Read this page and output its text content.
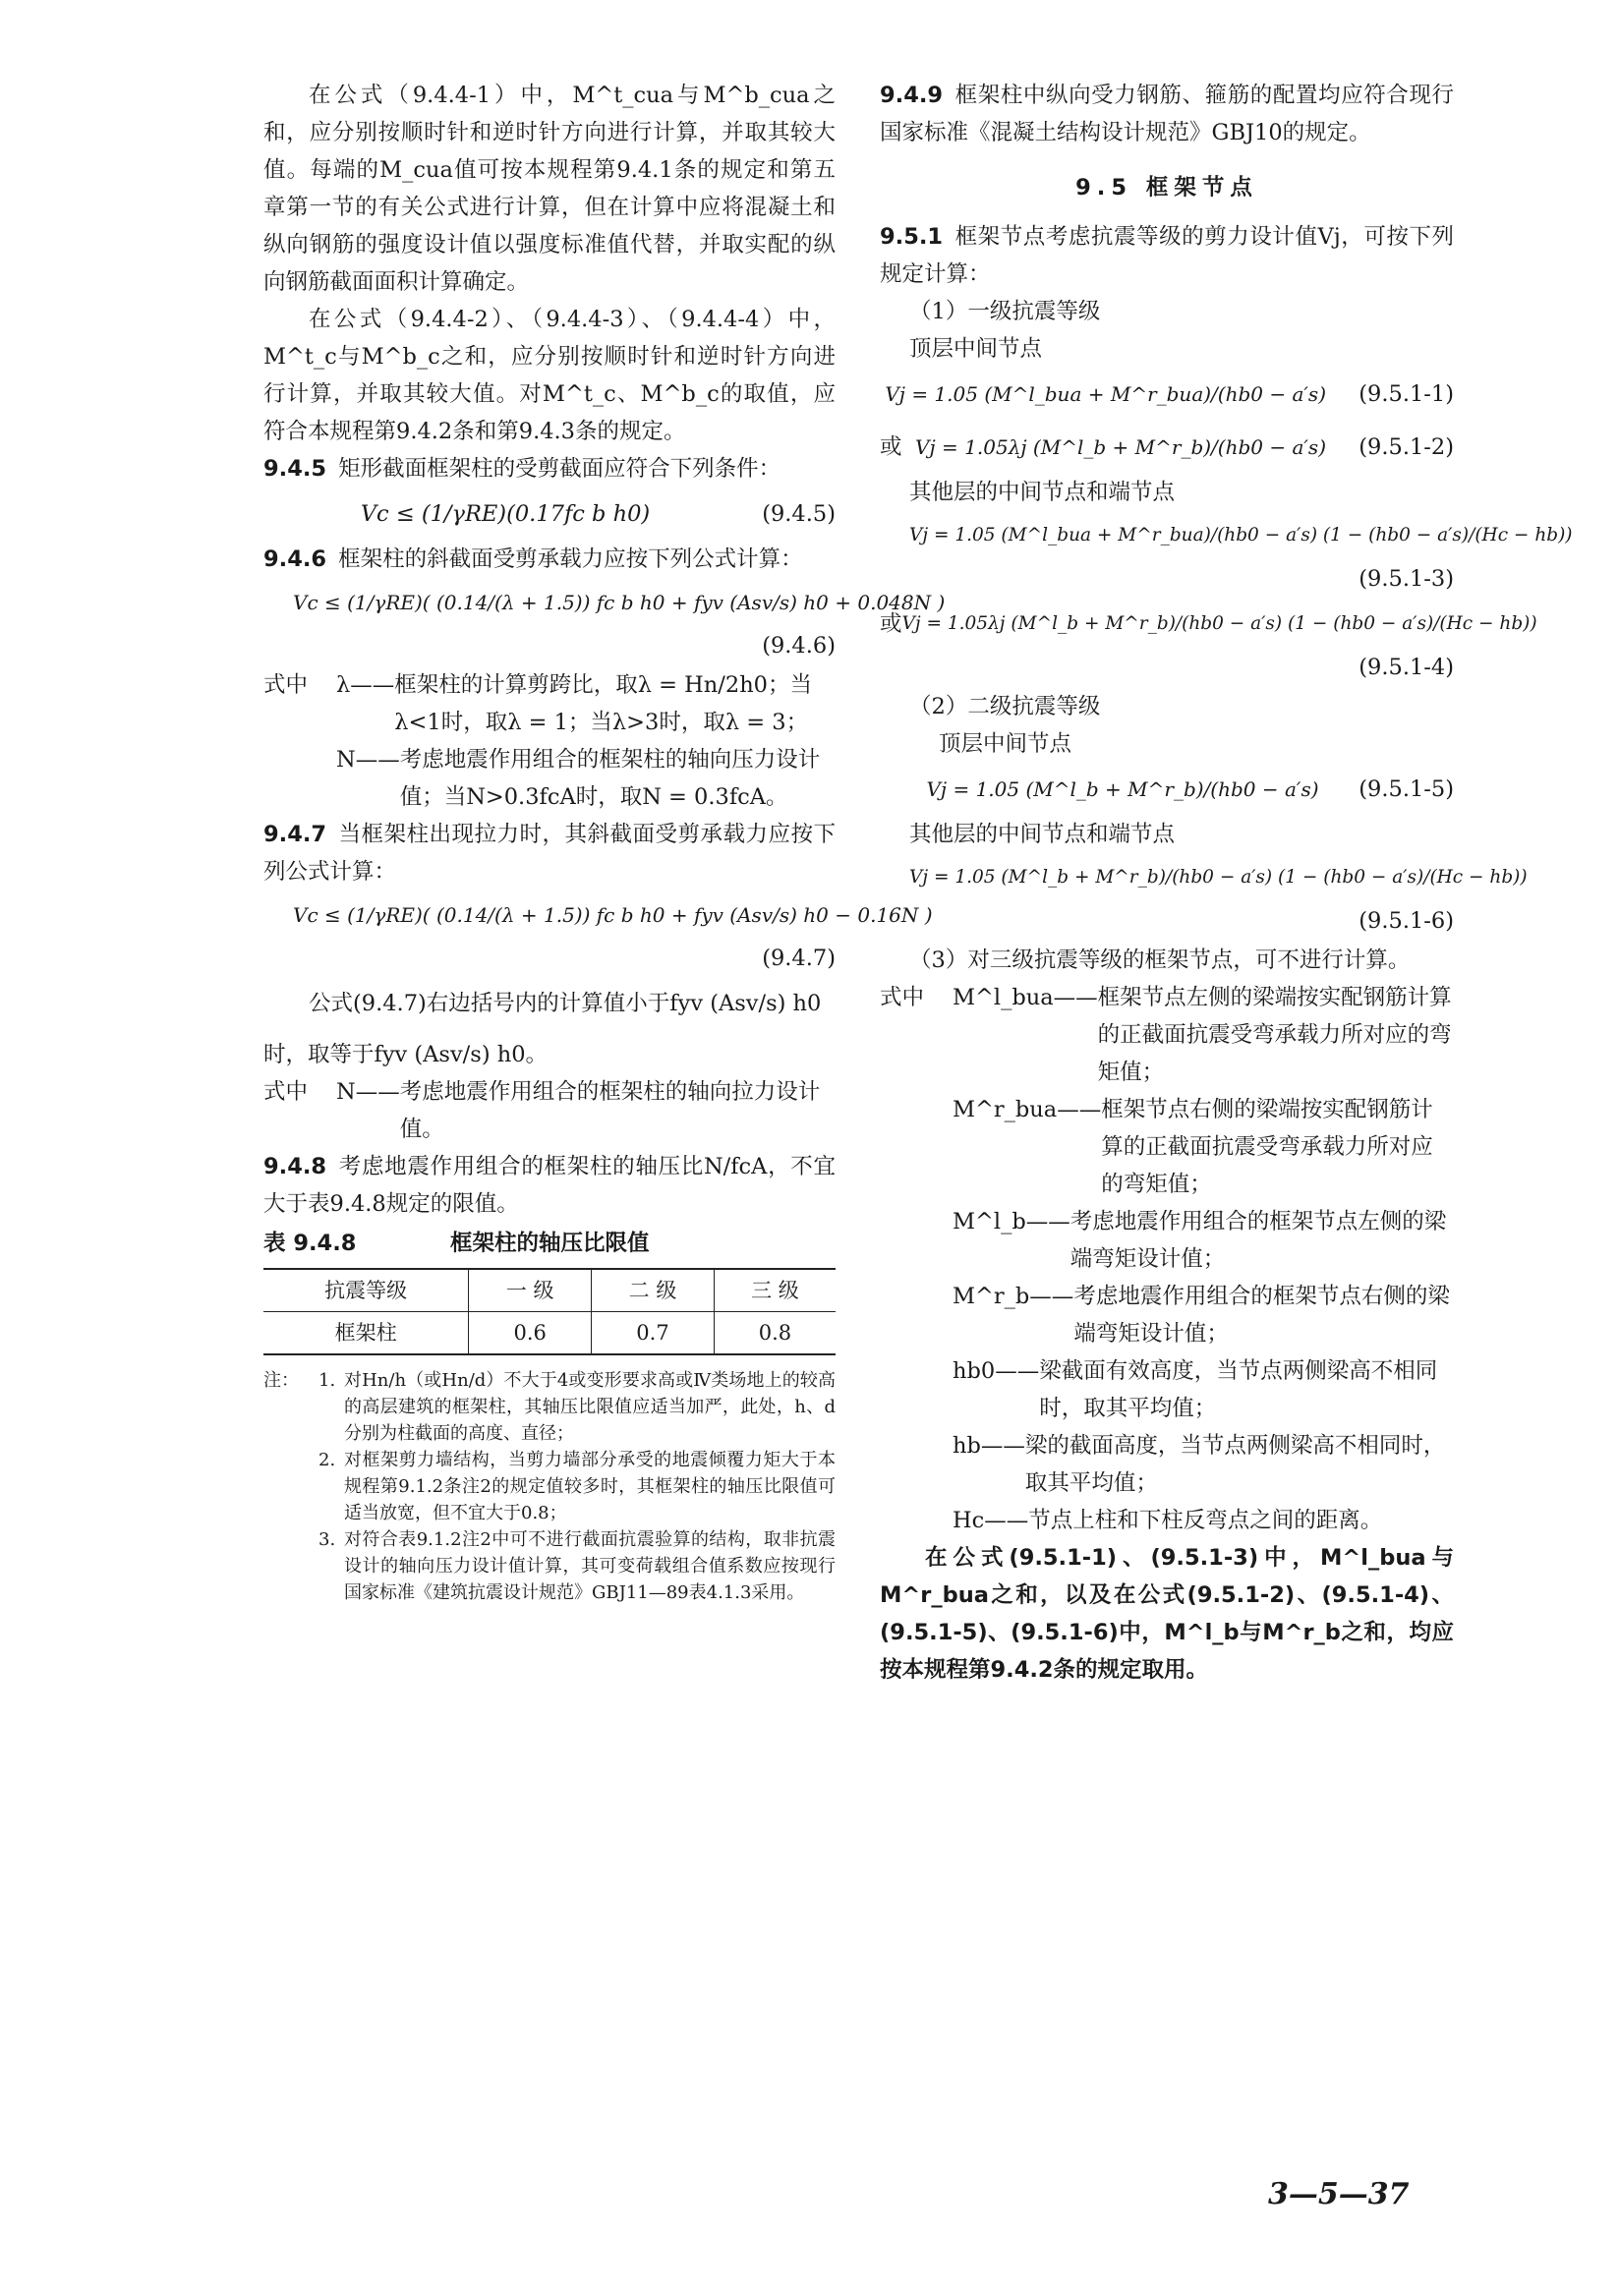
在公式（9.4.4-1）中，M^t_cua与M^b_cua之和，应分别按顺时针和逆时针方向进行计算，并取其较大值。每端的M_cua值可按本规程第9.4.1条的规定和第五章第一节的有关公式进行计算，但在计算中应将混凝土和纵向钢筋的强度设计值以强度标准值代替，并取实配的纵向钢筋截面面积计算确定。

在公式（9.4.4-2）、（9.4.4-3）、（9.4.4-4）中，M^t_c与M^b_c之和，应分别按顺时针和逆时针方向进行计算，并取其较大值。对M^t_c、M^b_c的取值，应符合本规程第9.4.2条和第9.4.3条的规定。

9.4.5 矩形截面框架柱的受剪截面应符合下列条件：

Vc ≤ (1/γRE)(0.17fc b h0)	(9.4.5)

9.4.6 框架柱的斜截面受剪承载力应按下列公式计算：

Vc ≤ (1/γRE)( (0.14/(λ + 1.5)) fc b h0 + fyv (Asv/s) h0 + 0.048N )
(9.4.6)
式中	λ—— 框架柱的计算剪跨比，取λ = Hn/2h0；当λ<1时，取λ = 1；当λ>3时，取λ = 3；
N—— 考虑地震作用组合的框架柱的轴向压力设计值；当N>0.3fcA时，取N = 0.3fcA。

9.4.7 当框架柱出现拉力时，其斜截面受剪承载力应按下列公式计算：

Vc ≤ (1/γRE)( (0.14/(λ + 1.5)) fc b h0 + fyv (Asv/s) h0 − 0.16N )
(9.4.7)

公式(9.4.7)右边括号内的计算值小于fyv (Asv/s) h0

时，取等于fyv (Asv/s) h0。

式中	N—— 考虑地震作用组合的框架柱的轴向拉力设计值。

9.4.8 考虑地震作用组合的框架柱的轴压比N/fcA，不宜大于表9.4.8规定的限值。

表 9.4.8	框架柱的轴压比限值
抗震等级	一 级	二 级	三 级
框架柱	0.6	0.7	0.8
注：	1. 对Hn/h（或Hn/d）不大于4或变形要求高或Ⅳ类场地上的较高的高层建筑的框架柱，其轴压比限值应适当加严，此处，h、d分别为柱截面的高度、直径；
2. 对框架剪力墙结构，当剪力墙部分承受的地震倾覆力矩大于本规程第9.1.2条注2的规定值较多时，其框架柱的轴压比限值可适当放宽，但不宜大于0.8；
3. 对符合表9.1.2注2中可不进行截面抗震验算的结构，取非抗震设计的轴向压力设计值计算，其可变荷载组合值系数应按现行国家标准《建筑抗震设计规范》GBJ11—89表4.1.3采用。

9.4.9 框架柱中纵向受力钢筋、箍筋的配置均应符合现行国家标准《混凝土结构设计规范》GBJ10的规定。

9.5 框架节点

9.5.1 框架节点考虑抗震等级的剪力设计值Vj，可按下列规定计算：

（1）一级抗震等级

顶层中间节点

Vj = 1.05 (M^l_bua + M^r_bua)/(hb0 − a′s)	(9.5.1-1)
或 Vj = 1.05λj (M^l_b + M^r_b)/(hb0 − a′s)	(9.5.1-2)

其他层的中间节点和端节点

Vj = 1.05 (M^l_bua + M^r_bua)/(hb0 − a′s) (1 − (hb0 − a′s)/(Hc − hb))
(9.5.1-3)
或 Vj = 1.05λj (M^l_b + M^r_b)/(hb0 − a′s) (1 − (hb0 − a′s)/(Hc − hb))
(9.5.1-4)

（2）二级抗震等级

顶层中间节点

Vj = 1.05 (M^l_b + M^r_b)/(hb0 − a′s)	(9.5.1-5)

其他层的中间节点和端节点

Vj = 1.05 (M^l_b + M^r_b)/(hb0 − a′s) (1 − (hb0 − a′s)/(Hc − hb))
(9.5.1-6)

（3）对三级抗震等级的框架节点，可不进行计算。

式中	M^l_bua—— 框架节点左侧的梁端按实配钢筋计算的正截面抗震受弯承载力所对应的弯矩值；
M^r_bua—— 框架节点右侧的梁端按实配钢筋计算的正截面抗震受弯承载力所对应的弯矩值；
M^l_b—— 考虑地震作用组合的框架节点左侧的梁端弯矩设计值；
M^r_b—— 考虑地震作用组合的框架节点右侧的梁端弯矩设计值；
hb0—— 梁截面有效高度，当节点两侧梁高不相同时，取其平均值；
hb—— 梁的截面高度，当节点两侧梁高不相同时，取其平均值；
Hc—— 节点上柱和下柱反弯点之间的距离。

在公式(9.5.1-1)、(9.5.1-3)中，M^l_bua与M^r_bua之和，以及在公式(9.5.1-2)、(9.5.1-4)、(9.5.1-5)、(9.5.1-6)中，M^l_b与M^r_b之和，均应按本规程第9.4.2条的规定取用。

3—5—37
